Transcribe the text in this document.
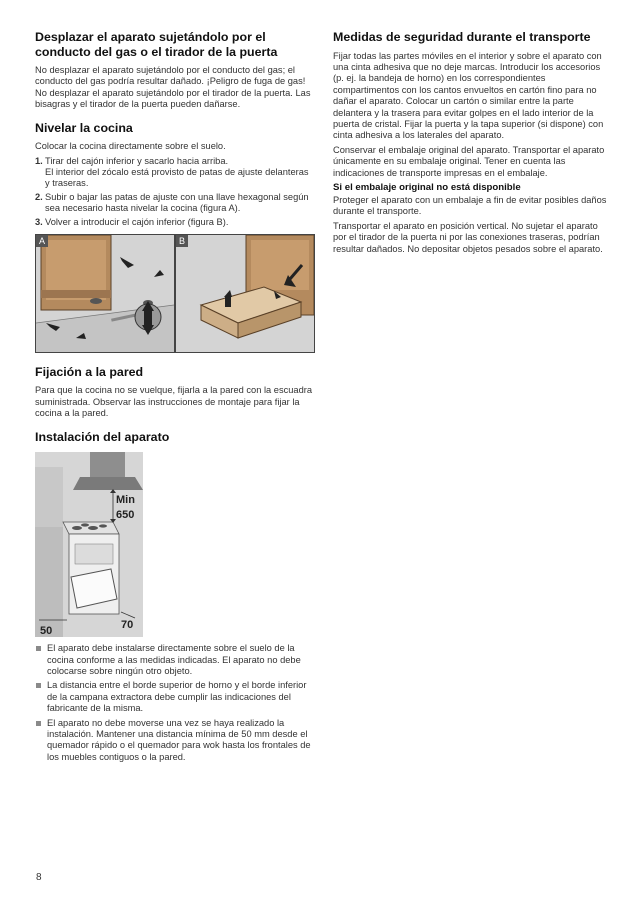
Desplazar el aparato sujetándolo por el conducto del gas o el tirador de la puerta

No desplazar el aparato sujetándolo por el conducto del gas; el conducto del gas podría resultar dañado. ¡Peligro de fuga de gas! No desplazar el aparato sujetándolo por el tirador de la puerta. Las bisagras y el tirador de la puerta pueden dañarse.

Nivelar la cocina

Colocar la cocina directamente sobre el suelo.

1. Tirar del cajón inferior y sacarlo hacia arriba.
El interior del zócalo está provisto de patas de ajuste delanteras y traseras.
2. Subir o bajar las patas de ajuste con una llave hexagonal según sea necesario hasta nivelar la cocina (figura A).
3. Volver a introducir el cajón inferior (figura B).
A	B
Fijación a la pared

Para que la cocina no se vuelque, fijarla a la pared con la escuadra suministrada. Observar las instrucciones de montaje para fijar la cocina a la pared.

Instalación del aparato
Min
650
50	70
El aparato debe instalarse directamente sobre el suelo de la cocina conforme a las medidas indicadas. El aparato no debe colocarse sobre ningún otro objeto.
La distancia entre el borde superior de horno y el borde inferior de la campana extractora debe cumplir las indicaciones del fabricante de la misma.
El aparato no debe moverse una vez se haya realizado la instalación. Mantener una distancia mínima de 50 mm desde el quemador rápido o el quemador para wok hasta los frontales de los muebles contiguos o la pared.
Medidas de seguridad durante el transporte

Fijar todas las partes móviles en el interior y sobre el aparato con una cinta adhesiva que no deje marcas. Introducir los accesorios (p. ej. la bandeja de horno) en los correspondientes compartimentos con los cantos envueltos en cartón fino para no dañar el aparato. Colocar un cartón o similar entre la parte delantera y la trasera para evitar golpes en el lado interior de la puerta de cristal. Fijar la puerta y la tapa superior (si dispone) con cinta adhesiva a los laterales del aparato.

Conservar el embalaje original del aparato. Transportar el aparato únicamente en su embalaje original. Tener en cuenta las indicaciones de transporte impresas en el embalaje.

Si el embalaje original no está disponible

Proteger el aparato con un embalaje a fin de evitar posibles daños durante el transporte.

Transportar el aparato en posición vertical. No sujetar el aparato por el tirador de la puerta ni por las conexiones traseras, podrían resultar dañados. No depositar objetos pesados sobre el aparato.

8
